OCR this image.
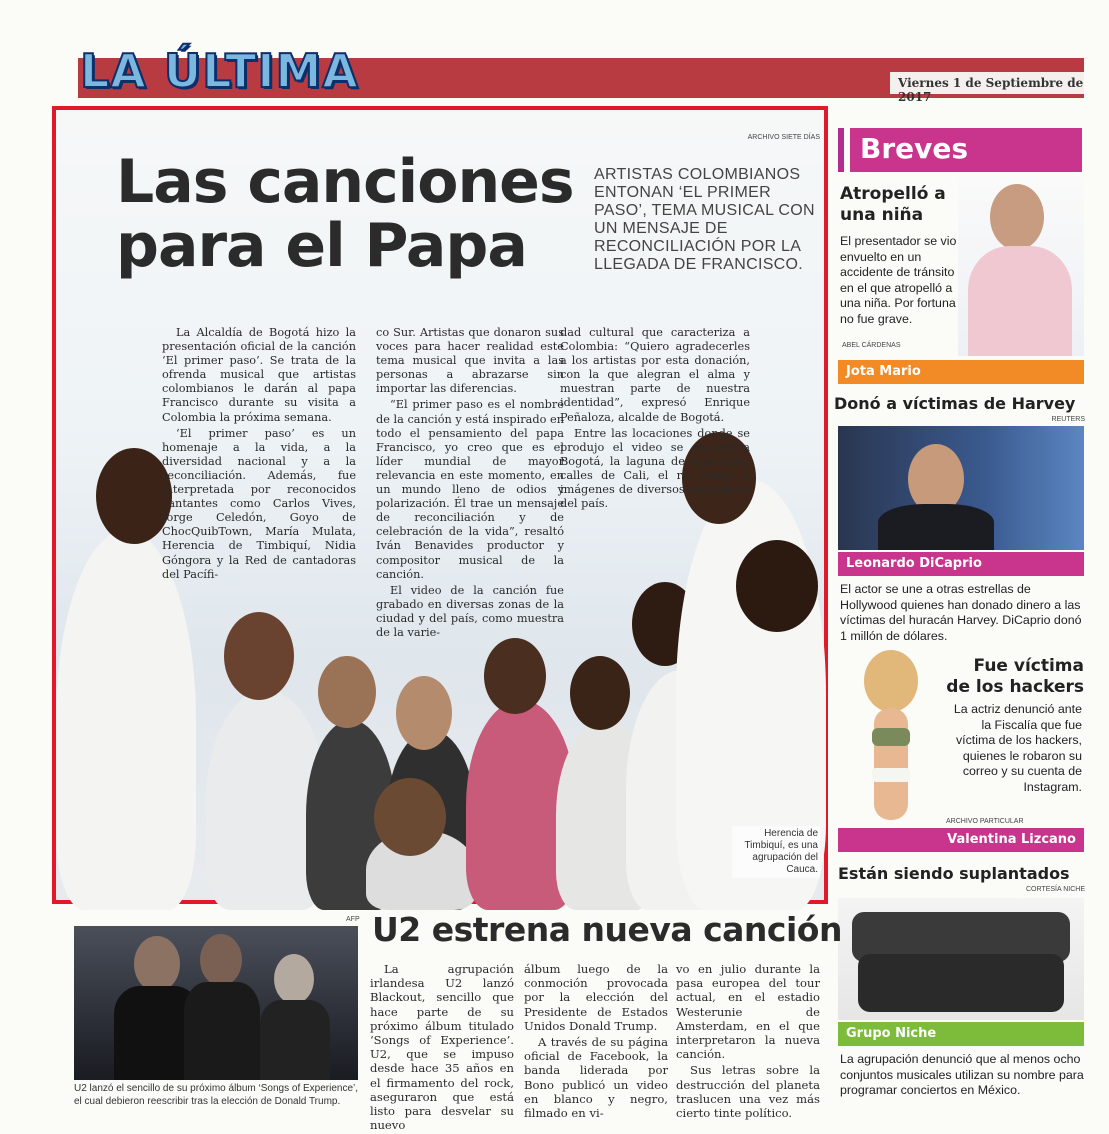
LA ÚLTIMA	Viernes 1 de Septiembre de 2017
ARCHIVO SIETE DÍAS
Las canciones para el Papa
ARTISTAS COLOMBIANOS ENTONAN ‘EL PRIMER PASO’, TEMA MUSICAL CON UN MENSAJE DE RECONCILIACIÓN POR LA LLEGADA DE FRANCISCO.

La Alcaldía de Bogotá hizo la presentación oficial de la canción ‘El primer paso’. Se trata de la ofrenda musical que artistas colombianos le darán al papa Francisco durante su visita a Colombia la próxima semana.

‘El primer paso’ es un homenaje a la vida, a la diversidad nacional y a la reconciliación. Además, fue interpretada por reconocidos cantantes como Carlos Vives, Jorge Celedón, Goyo de ChocQuibTown, María Mulata, Herencia de Timbiquí, Nidia Góngora y la Red de cantadoras del Pacífi-

co Sur. Artistas que donaron sus voces para hacer realidad este tema musical que invita a las personas a abrazarse sin importar las diferencias.

“El primer paso es el nombre de la canción y está inspirado en todo el pensamiento del papa Francisco, yo creo que es el líder mundial de mayor relevancia en este momento, en un mundo lleno de odios y polarización. Él trae un mensaje de reconciliación y de celebración de la vida”, resaltó Iván Benavides productor y compositor musical de la canción.

El video de la canción fue grabado en diversas zonas de la ciudad y del país, como muestra de la varie-

dad cultural que caracteriza a Colombia: “Quiero agradecerles a los artistas por esta donación, con la que alegran el alma y muestran parte de nuestra identidad”, expresó Enrique Peñaloza, alcalde de Bogotá.

Entre las locaciones donde se produjo el video se encuentra Bogotá, la laguna de Guatavita, calles de Cali, el río Pance e imágenes de diversos escenarios del país.

Herencia de Timbiquí, es una agrupación del Cauca.
Breves
Atropelló a una niña
El presentador se vio envuelto en un accidente de tránsito en el que atropelló a una niña. Por fortuna no fue grave.
ABEL CÁRDENAS
Jota Mario
Donó a víctimas de Harvey
REUTERS
Leonardo DiCaprio
El actor se une a otras estrellas de Hollywood quienes han donado dinero a las víctimas del huracán Harvey. DiCaprio donó 1 millón de dólares.
Fue víctima de los hackers
La actriz denunció ante la Fiscalía que fue víctima de los hackers, quienes le robaron su correo y su cuenta de Instagram.
ARCHIVO PARTICULAR
Valentina Lizcano
Están siendo suplantados
CORTESÍA NICHE
Grupo Niche
La agrupación denunció que al menos ocho conjuntos musicales utilizan su nombre para programar conciertos en México.
AFP
U2 lanzó el sencillo de su próximo álbum ‘Songs of Experience’, el cual debieron reescribir tras la elección de Donald Trump.
U2 estrena nueva canción

La agrupación irlandesa U2 lanzó Blackout, sencillo que hace parte de su próximo álbum titulado ‘Songs of Experience’. U2, que se impuso desde hace 35 años en el firmamento del rock, aseguraron que está listo para desvelar su nuevo

álbum luego de la conmoción provocada por la elección del Presidente de Estados Unidos Donald Trump.

A través de su página oficial de Facebook, la banda liderada por Bono publicó un video en blanco y negro, filmado en vi-

vo en julio durante la pasa europea del tour actual, en el estadio Westerunie de Amsterdam, en el que interpretaron la nueva canción.

Sus letras sobre la destrucción del planeta traslucen una vez más cierto tinte político.
